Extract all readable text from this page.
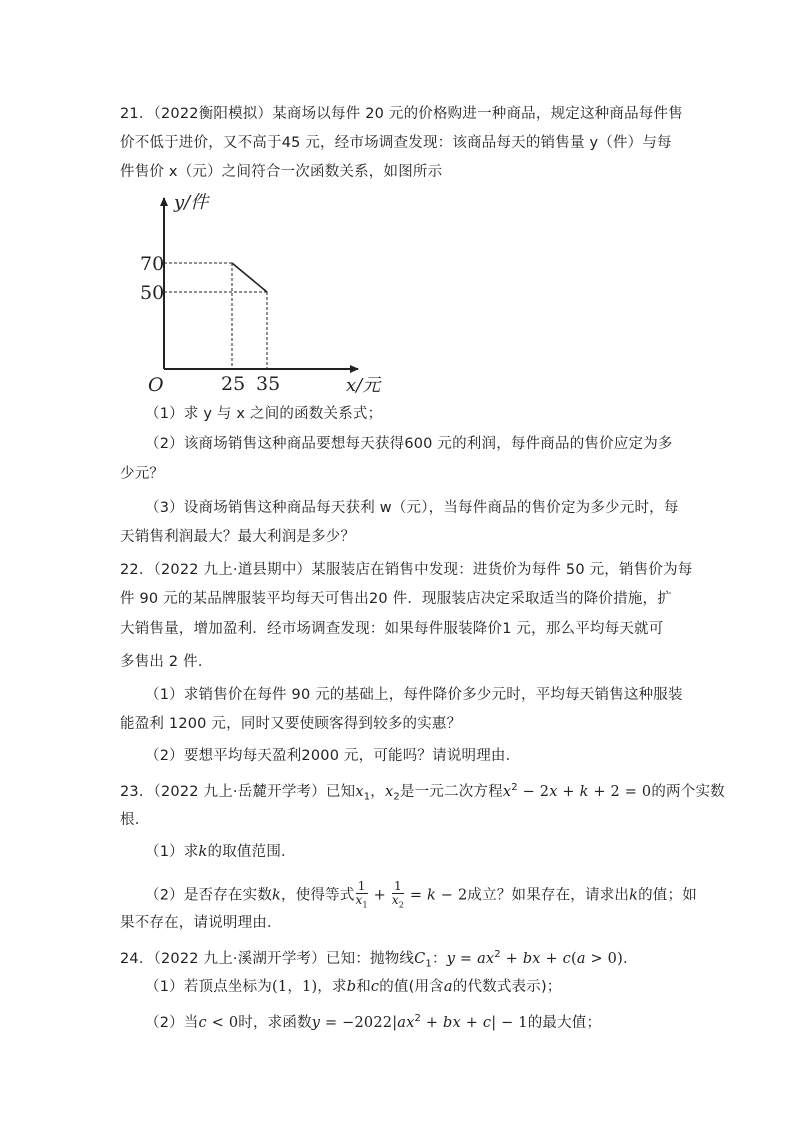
21．（2022衡阳模拟）某商场以每件 20 元的价格购进一种商品，规定这种商品每件售
价不低于进价，又不高于45 元，经市场调查发现：该商品每天的销售量 y（件）与每
件售价 x（元）之间符合一次函数关系，如图所示
y/件
70
50
O	25 35	x/元
（1）求 y 与 x 之间的函数关系式；
（2）该商场销售这种商品要想每天获得600 元的利润，每件商品的售价应定为多
少元？
（3）设商场销售这种商品每天获利 w（元），当每件商品的售价定为多少元时，每
天销售利润最大？最大利润是多少？
22．（2022 九上·道县期中）某服装店在销售中发现：进货价为每件 50 元，销售价为每
件 90 元的某品牌服装平均每天可售出20 件．现服装店决定采取适当的降价措施，扩
大销售量，增加盈利．经市场调查发现：如果每件服装降价1 元，那么平均每天就可
多售出 2 件．
（1）求销售价在每件 90 元的基础上，每件降价多少元时，平均每天销售这种服装
能盈利 1200 元，同时又要使顾客得到较多的实惠？
（2）要想平均每天盈利2000 元，可能吗？请说明理由．
23．（2022 九上·岳麓开学考）已知$x_1$，$x_2$是一元二次方程$x^2 - 2x + k + 2 = 0$的两个实数
根．
（1）求k的取值范围．
（2）是否存在实数k，使得等式 $\frac{1}{x_1} + \frac{1}{x_2} = k - 2$成立？如果存在，请求出k的值；如
果不存在，请说明理由．
24．（2022 九上·溪湖开学考）已知：抛物线$C_1$：$y = ax^2$ + bx + c(a > 0)．
（1）若顶点坐标为(1，1)，求b和c的值(用含a的代数式表示)；
（2）当c < 0时，求函数$y = -2022|ax^2$ + bx + c| − 1的最大值；
